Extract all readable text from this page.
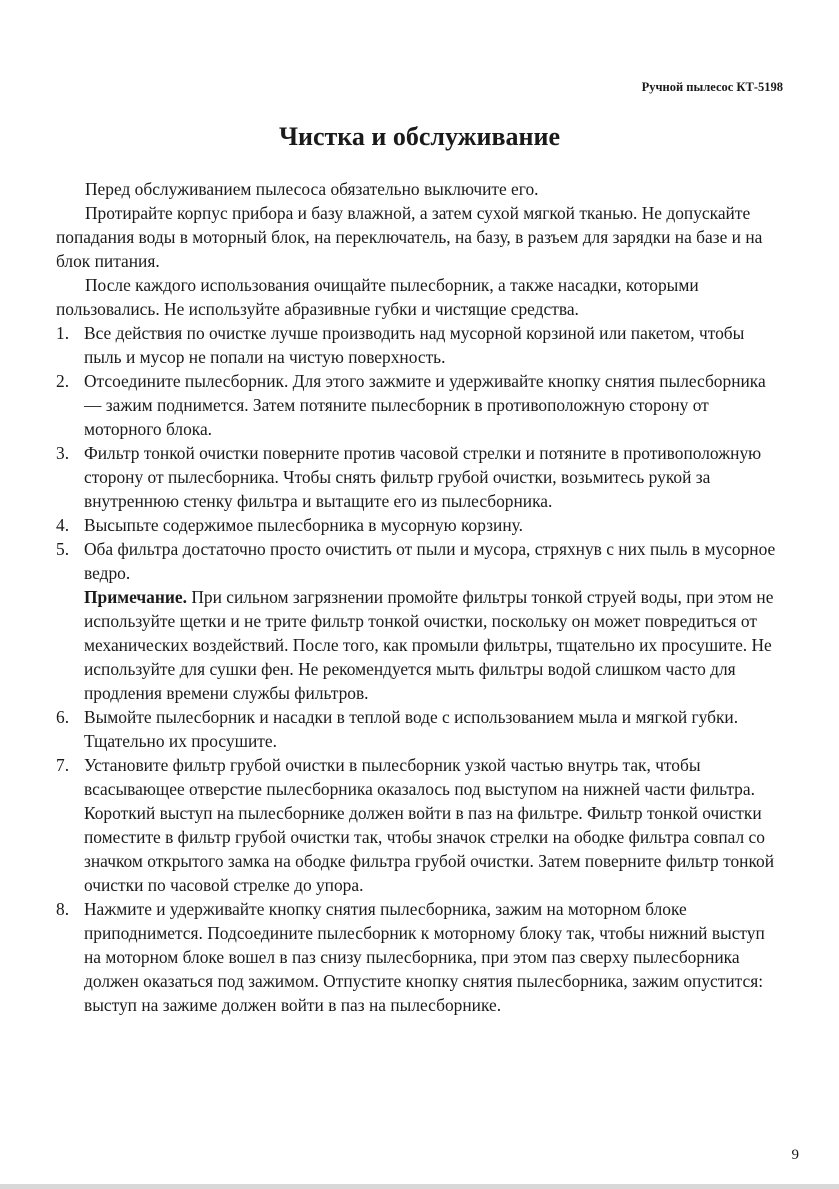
Ручной пылесос КТ-5198
Чистка и обслуживание

Перед обслуживанием пылесоса обязательно выключите его.

Протирайте корпус прибора и базу влажной, а затем сухой мягкой тканью. Не допускайте попадания воды в моторный блок, на переключатель, на базу, в разъем для зарядки на базе и на блок питания.

После каждого использования очищайте пылесборник, а также насадки, которыми пользовались. Не используйте абразивные губки и чистящие средства.

1. Все действия по очистке лучше производить над мусорной корзиной или пакетом, чтобы пыль и мусор не попали на чистую поверхность.
2. Отсоедините пылесборник. Для этого зажмите и удерживайте кнопку снятия пылесборника — зажим поднимется. Затем потяните пылесборник в противоположную сторону от моторного блока.
3. Фильтр тонкой очистки поверните против часовой стрелки и потяните в противоположную сторону от пылесборника. Чтобы снять фильтр грубой очистки, возьмитесь рукой за внутреннюю стенку фильтра и вытащите его из пылесборника.
4. Высыпьте содержимое пылесборника в мусорную корзину.
5. Оба фильтра достаточно просто очистить от пыли и мусора, стряхнув с них пыль в мусорное ведро.

Примечание. При сильном загрязнении промойте фильтры тонкой струей воды, при этом не используйте щетки и не трите фильтр тонкой очистки, поскольку он может повредиться от механических воздействий. После того, как промыли фильтры, тщательно их просушите. Не используйте для сушки фен. Не рекомендуется мыть фильтры водой слишком часто для продления времени службы фильтров.

6. Вымойте пылесборник и насадки в теплой воде с использованием мыла и мягкой губки. Тщательно их просушите.
7. Установите фильтр грубой очистки в пылесборник узкой частью внутрь так, чтобы всасывающее отверстие пылесборника оказалось под выступом на нижней части фильтра. Короткий выступ на пылесборнике должен войти в паз на фильтре. Фильтр тонкой очистки поместите в фильтр грубой очистки так, чтобы значок стрелки на ободке фильтра совпал со значком открытого замка на ободке фильтра грубой очистки. Затем поверните фильтр тонкой очистки по часовой стрелке до упора.
8. Нажмите и удерживайте кнопку снятия пылесборника, зажим на моторном блоке приподнимется. Подсоедините пылесборник к моторному блоку так, чтобы нижний выступ на моторном блоке вошел в паз снизу пылесборника, при этом паз сверху пылесборника должен оказаться под зажимом. Отпустите кнопку снятия пылесборника, зажим опустится: выступ на зажиме должен войти в паз на пылесборнике.
9
